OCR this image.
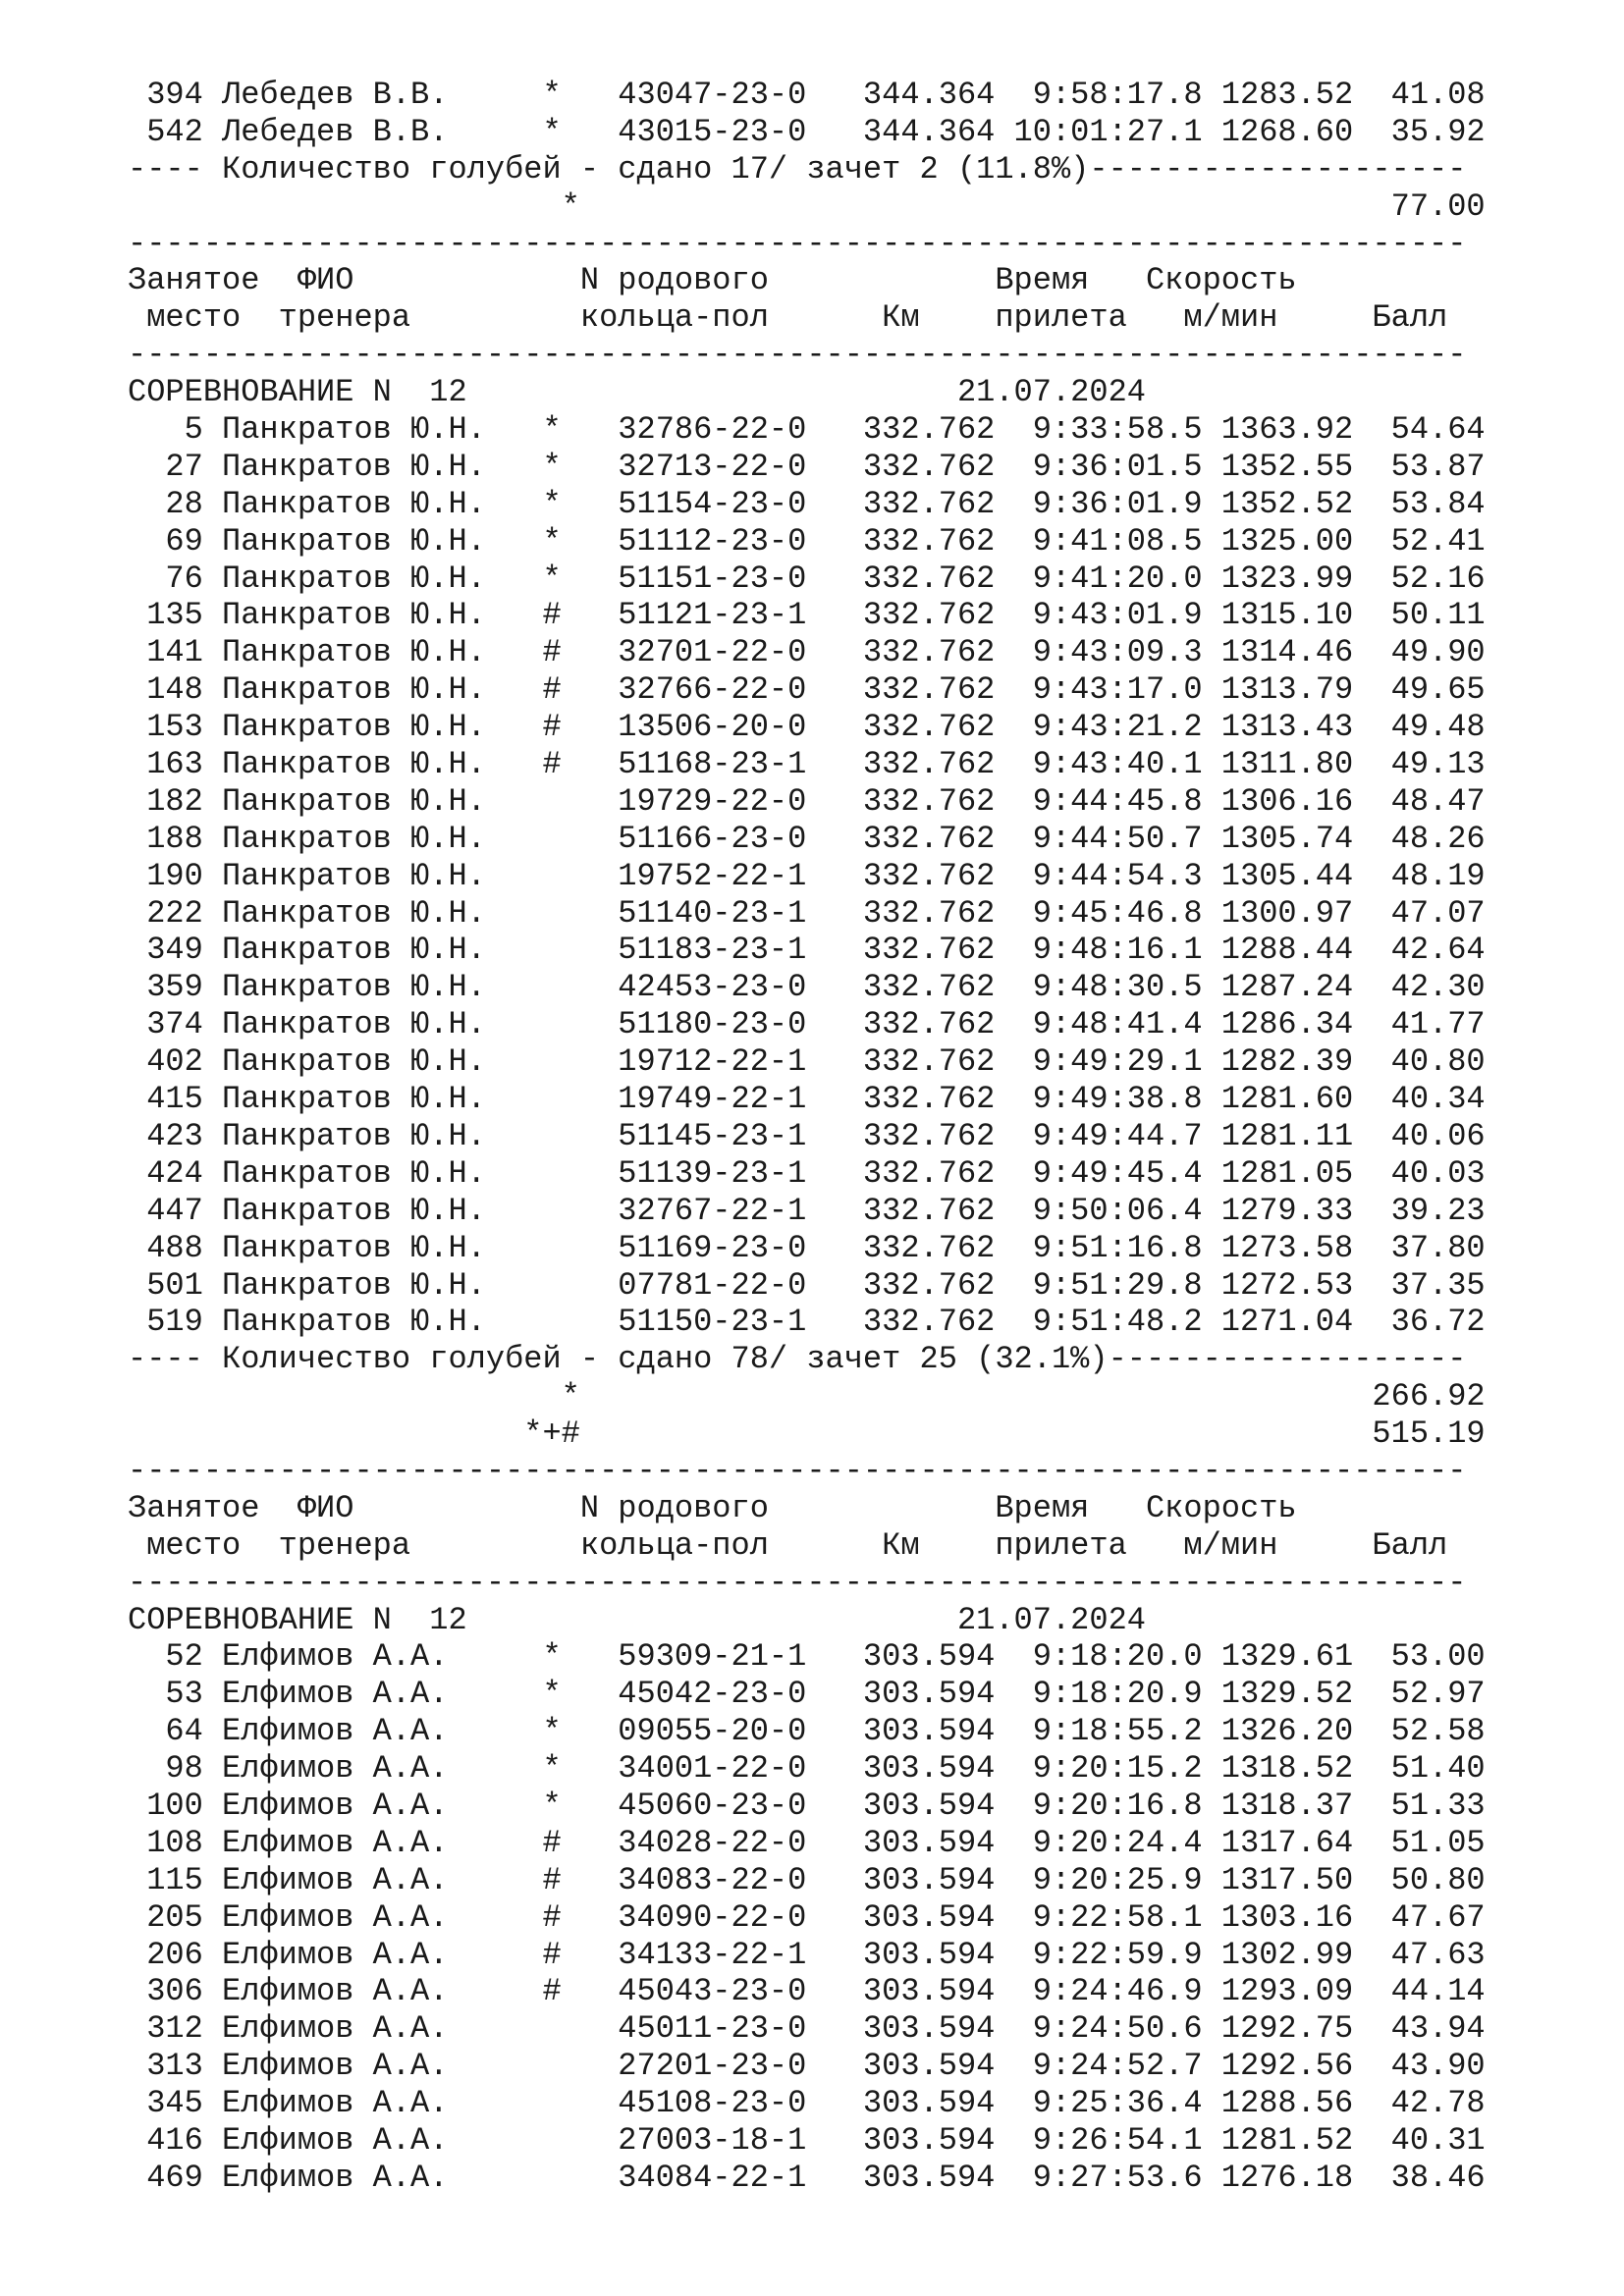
394 Лебедев В.В.     *   43047-23-0   344.364  9:58:17.8 1283.52  41.08
542 Лебедев В.В.     *   43015-23-0   344.364 10:01:27.1 1268.60  35.92
---- Количество голубей - сдано 17/ зачет 2 (11.8%)--------------------
*                                           77.00
-----------------------------------------------------------------------
Занятое  ФИО            N родового            Время   Скорость
место  тренера         кольца-пол      Км    прилета   м/мин     Балл
-----------------------------------------------------------------------
СОРЕВНОВАНИЕ N  12                          21.07.2024
5 Панкратов Ю.Н.   *   32786-22-0   332.762  9:33:58.5 1363.92  54.64
27 Панкратов Ю.Н.   *   32713-22-0   332.762  9:36:01.5 1352.55  53.87
28 Панкратов Ю.Н.   *   51154-23-0   332.762  9:36:01.9 1352.52  53.84
69 Панкратов Ю.Н.   *   51112-23-0   332.762  9:41:08.5 1325.00  52.41
76 Панкратов Ю.Н.   *   51151-23-0   332.762  9:41:20.0 1323.99  52.16
135 Панкратов Ю.Н.   #   51121-23-1   332.762  9:43:01.9 1315.10  50.11
141 Панкратов Ю.Н.   #   32701-22-0   332.762  9:43:09.3 1314.46  49.90
148 Панкратов Ю.Н.   #   32766-22-0   332.762  9:43:17.0 1313.79  49.65
153 Панкратов Ю.Н.   #   13506-20-0   332.762  9:43:21.2 1313.43  49.48
163 Панкратов Ю.Н.   #   51168-23-1   332.762  9:43:40.1 1311.80  49.13
182 Панкратов Ю.Н.       19729-22-0   332.762  9:44:45.8 1306.16  48.47
188 Панкратов Ю.Н.       51166-23-0   332.762  9:44:50.7 1305.74  48.26
190 Панкратов Ю.Н.       19752-22-1   332.762  9:44:54.3 1305.44  48.19
222 Панкратов Ю.Н.       51140-23-1   332.762  9:45:46.8 1300.97  47.07
349 Панкратов Ю.Н.       51183-23-1   332.762  9:48:16.1 1288.44  42.64
359 Панкратов Ю.Н.       42453-23-0   332.762  9:48:30.5 1287.24  42.30
374 Панкратов Ю.Н.       51180-23-0   332.762  9:48:41.4 1286.34  41.77
402 Панкратов Ю.Н.       19712-22-1   332.762  9:49:29.1 1282.39  40.80
415 Панкратов Ю.Н.       19749-22-1   332.762  9:49:38.8 1281.60  40.34
423 Панкратов Ю.Н.       51145-23-1   332.762  9:49:44.7 1281.11  40.06
424 Панкратов Ю.Н.       51139-23-1   332.762  9:49:45.4 1281.05  40.03
447 Панкратов Ю.Н.       32767-22-1   332.762  9:50:06.4 1279.33  39.23
488 Панкратов Ю.Н.       51169-23-0   332.762  9:51:16.8 1273.58  37.80
501 Панкратов Ю.Н.       07781-22-0   332.762  9:51:29.8 1272.53  37.35
519 Панкратов Ю.Н.       51150-23-1   332.762  9:51:48.2 1271.04  36.72
---- Количество голубей - сдано 78/ зачет 25 (32.1%)-------------------
*                                          266.92
*+#                                          515.19
-----------------------------------------------------------------------
Занятое  ФИО            N родового            Время   Скорость
место  тренера         кольца-пол      Км    прилета   м/мин     Балл
-----------------------------------------------------------------------
СОРЕВНОВАНИЕ N  12                          21.07.2024
52 Елфимов А.А.     *   59309-21-1   303.594  9:18:20.0 1329.61  53.00
53 Елфимов А.А.     *   45042-23-0   303.594  9:18:20.9 1329.52  52.97
64 Елфимов А.А.     *   09055-20-0   303.594  9:18:55.2 1326.20  52.58
98 Елфимов А.А.     *   34001-22-0   303.594  9:20:15.2 1318.52  51.40
100 Елфимов А.А.     *   45060-23-0   303.594  9:20:16.8 1318.37  51.33
108 Елфимов А.А.     #   34028-22-0   303.594  9:20:24.4 1317.64  51.05
115 Елфимов А.А.     #   34083-22-0   303.594  9:20:25.9 1317.50  50.80
205 Елфимов А.А.     #   34090-22-0   303.594  9:22:58.1 1303.16  47.67
206 Елфимов А.А.     #   34133-22-1   303.594  9:22:59.9 1302.99  47.63
306 Елфимов А.А.     #   45043-23-0   303.594  9:24:46.9 1293.09  44.14
312 Елфимов А.А.         45011-23-0   303.594  9:24:50.6 1292.75  43.94
313 Елфимов А.А.         27201-23-0   303.594  9:24:52.7 1292.56  43.90
345 Елфимов А.А.         45108-23-0   303.594  9:25:36.4 1288.56  42.78
416 Елфимов А.А.         27003-18-1   303.594  9:26:54.1 1281.52  40.31
469 Елфимов А.А.         34084-22-1   303.594  9:27:53.6 1276.18  38.46
